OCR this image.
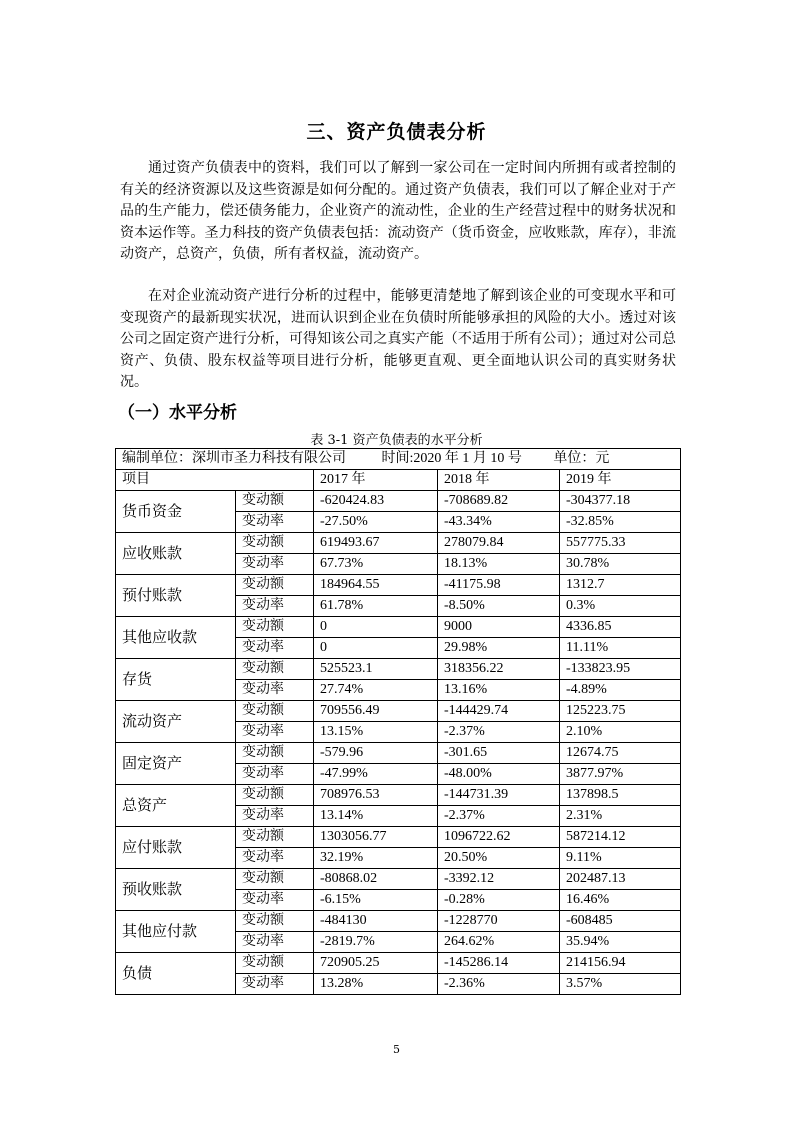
三、资产负债表分析

通过资产负债表中的资料，我们可以了解到一家公司在一定时间内所拥有或者控制的有关的经济资源以及这些资源是如何分配的。通过资产负债表，我们可以了解企业对于产品的生产能力，偿还债务能力，企业资产的流动性，企业的生产经营过程中的财务状况和资本运作等。圣力科技的资产负债表包括：流动资产（货币资金，应收账款，库存），非流动资产，总资产，负债，所有者权益，流动资产。

在对企业流动资产进行分析的过程中，能够更清楚地了解到该企业的可变现水平和可变现资产的最新现实状况，进而认识到企业在负债时所能够承担的风险的大小。透过对该公司之固定资产进行分析，可得知该公司之真实产能（不适用于所有公司）；通过对公司总资产、负债、股东权益等项目进行分析，能够更直观、更全面地认识公司的真实财务状况。

（一）水平分析
表 3-1 资产负债表的水平分析
编制单位：深圳市圣力科技有限公司 时间:2020 年 1 月 10 号 单位：元				
项目		2017 年	2018 年	2019 年
货币资金	变动额	-620424.83	-708689.82	-304377.18
	变动率	-27.50%	-43.34%	-32.85%
应收账款	变动额	619493.67	278079.84	557775.33
	变动率	67.73%	18.13%	30.78%
预付账款	变动额	184964.55	-41175.98	1312.7
	变动率	61.78%	-8.50%	0.3%
其他应收款	变动额	0	9000	4336.85
	变动率	0	29.98%	11.11%
存货	变动额	525523.1	318356.22	-133823.95
	变动率	27.74%	13.16%	-4.89%
流动资产	变动额	709556.49	-144429.74	125223.75
	变动率	13.15%	-2.37%	2.10%
固定资产	变动额	-579.96	-301.65	12674.75
	变动率	-47.99%	-48.00%	3877.97%
总资产	变动额	708976.53	-144731.39	137898.5
	变动率	13.14%	-2.37%	2.31%
应付账款	变动额	1303056.77	1096722.62	587214.12
	变动率	32.19%	20.50%	9.11%
预收账款	变动额	-80868.02	-3392.12	202487.13
	变动率	-6.15%	-0.28%	16.46%
其他应付款	变动额	-484130	-1228770	-608485
	变动率	-2819.7%	264.62%	35.94%
负债	变动额	720905.25	-145286.14	214156.94
	变动率	13.28%	-2.36%	3.57%
5
